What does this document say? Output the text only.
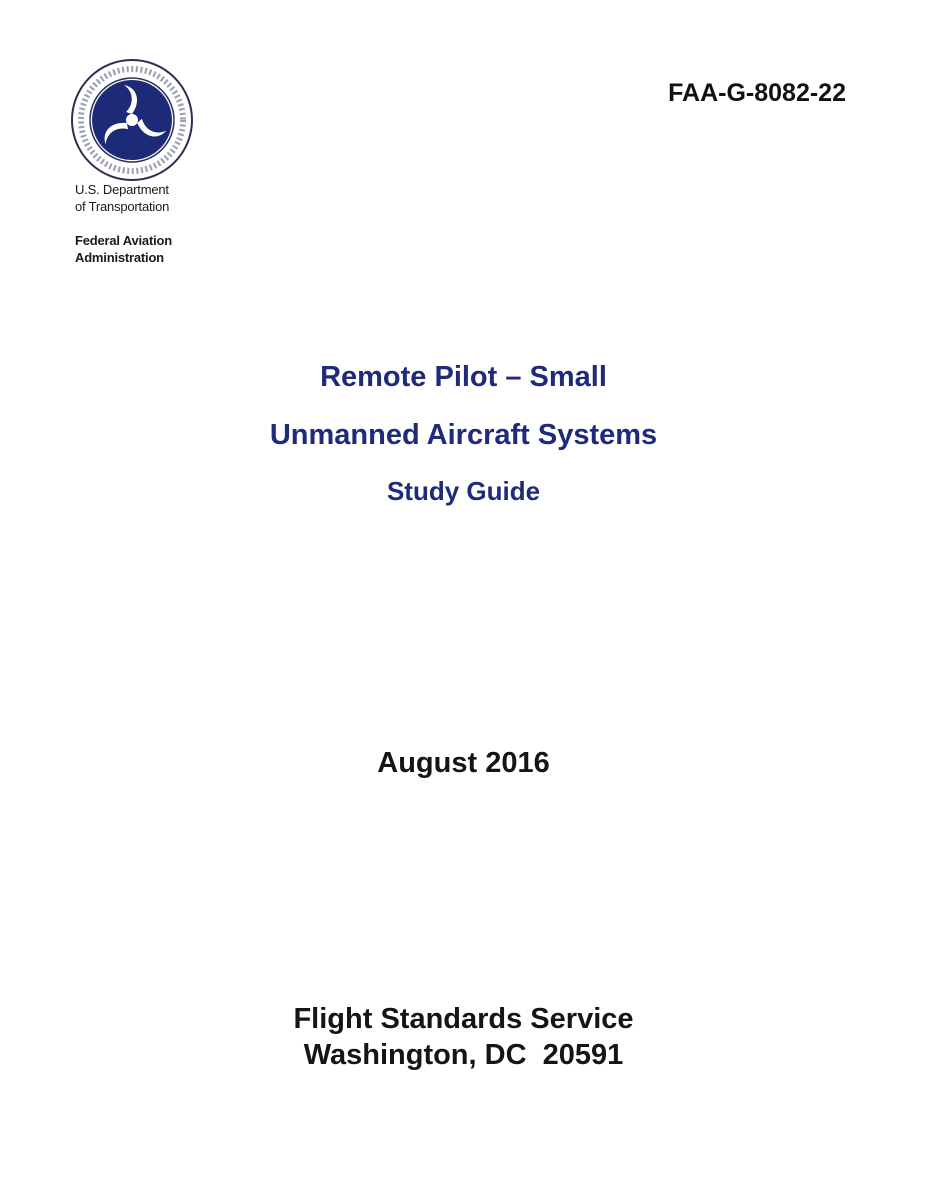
U.S. Department
of Transportation
Federal Aviation
Administration
FAA-G-8082-22
Remote Pilot – Small
Unmanned Aircraft Systems
Study Guide
August 2016
Flight Standards Service
Washington, DC  20591
